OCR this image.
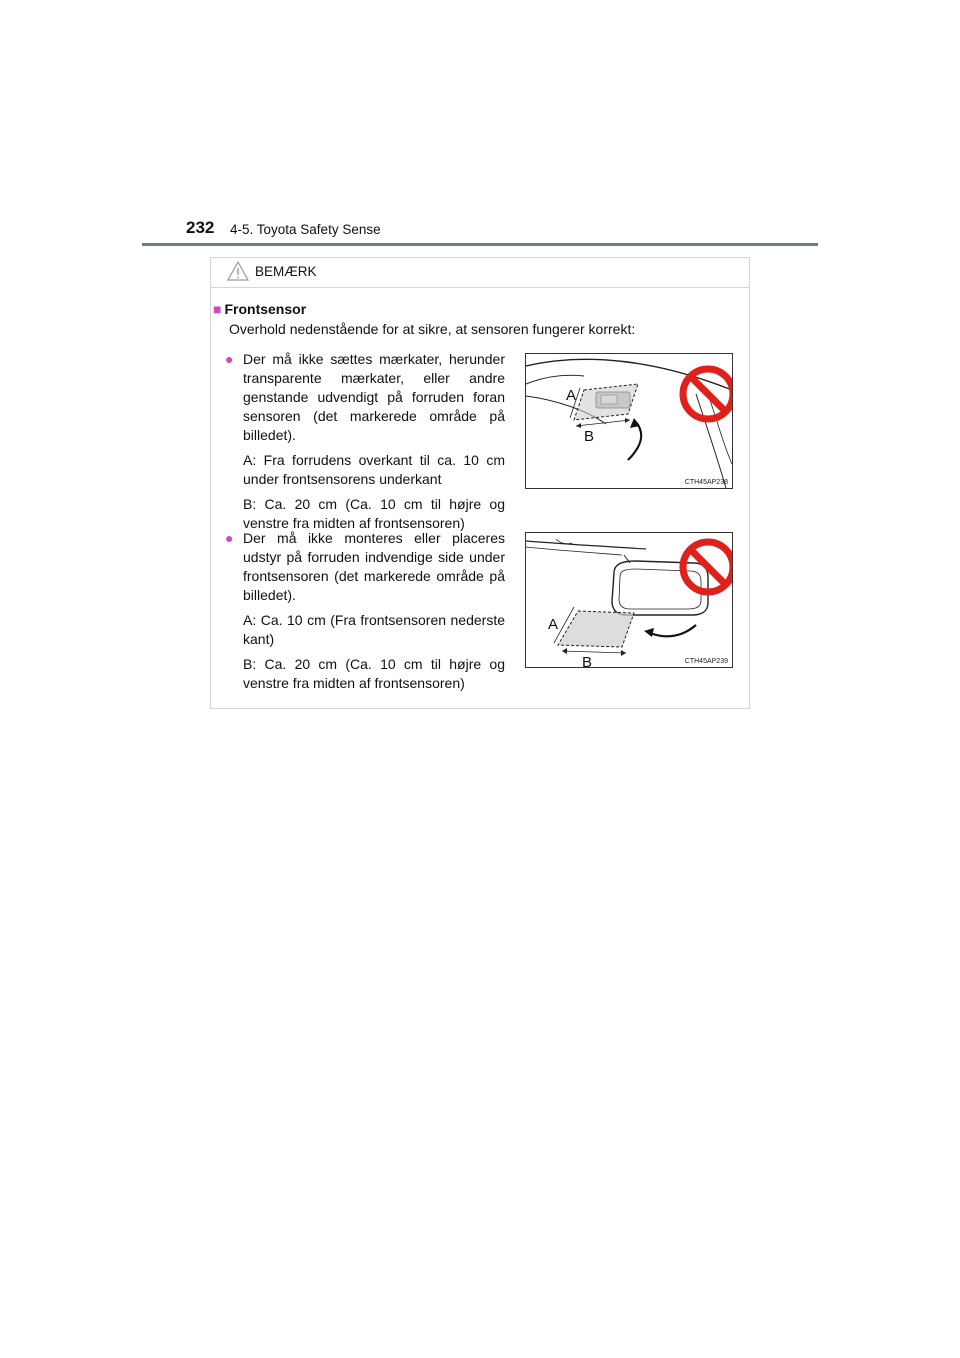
232 4-5. Toyota Safety Sense
BEMÆRK
■ Frontsensor
Overhold nedenstående for at sikre, at sensoren fungerer korrekt:

● Der må ikke sættes mærkater, herunder transparente mærkater, eller andre genstande udvendigt på forruden foran sensoren (det markerede område på billedet).

A: Fra forrudens overkant til ca. 10 cm under frontsensorens underkant

B: Ca. 20 cm (Ca. 10 cm til højre og venstre fra midten af frontsensoren)

A
B
CTH45AP238

● Der må ikke monteres eller placeres udstyr på forruden indvendige side under frontsensoren (det markerede område på billedet).

A: Ca. 10 cm (Fra frontsensoren nederste kant)

B: Ca. 20 cm (Ca. 10 cm til højre og venstre fra midten af frontsensoren)

A
B	CTH45AP239
